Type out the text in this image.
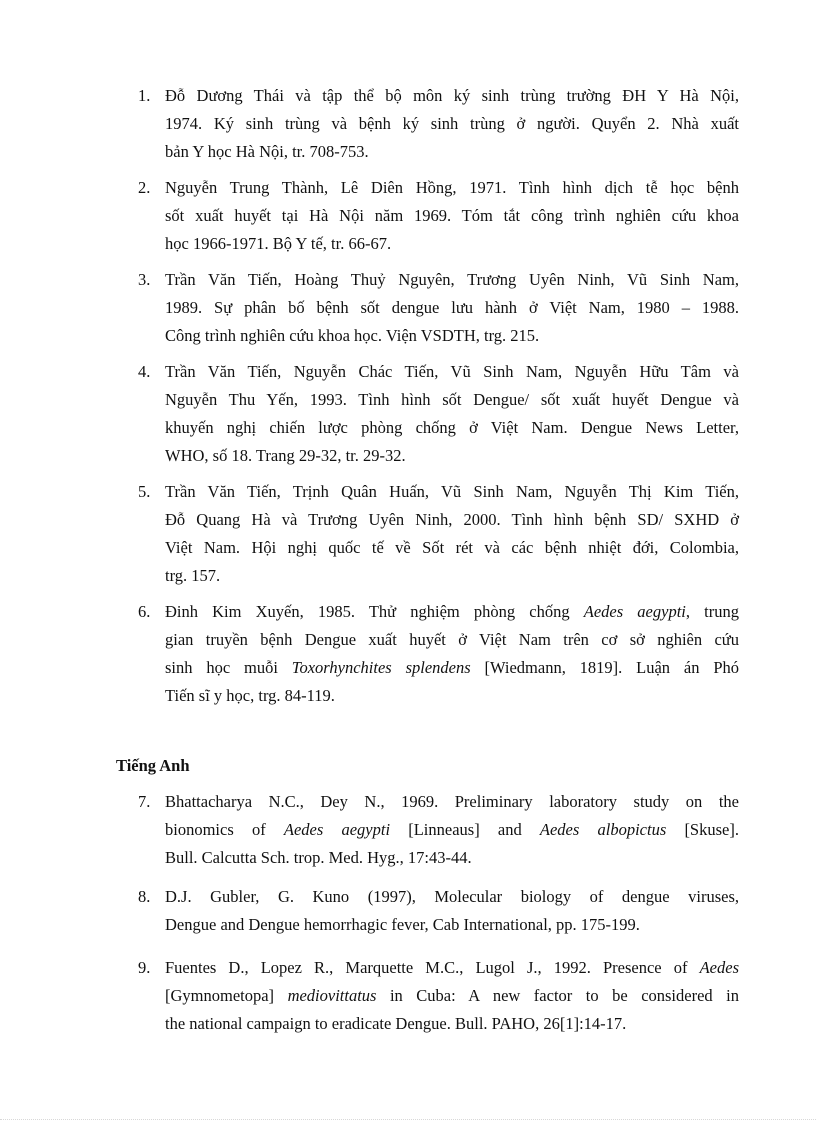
1. Đỗ Dương Thái và tập thể bộ môn ký sinh trùng trường ĐH Y Hà Nội,
1974. Ký sinh trùng và bệnh ký sinh trùng ở người. Quyển 2. Nhà xuất
bản Y học Hà Nội, tr. 708-753.
2. Nguyễn Trung Thành, Lê Diên Hồng, 1971. Tình hình dịch tễ học bệnh
sốt xuất huyết tại Hà Nội năm 1969. Tóm tắt công trình nghiên cứu khoa
học 1966-1971. Bộ Y tế, tr. 66-67.
3. Trần Văn Tiến, Hoàng Thuỷ Nguyên, Trương Uyên Ninh, Vũ Sinh Nam,
1989. Sự phân bố bệnh sốt dengue lưu hành ở Việt Nam, 1980 – 1988.
Công trình nghiên cứu khoa học. Viện VSDTH, trg. 215.
4. Trần Văn Tiến, Nguyễn Chác Tiến, Vũ Sinh Nam, Nguyễn Hữu Tâm và
Nguyễn Thu Yến, 1993. Tình hình sốt Dengue/ sốt xuất huyết Dengue và
khuyến nghị chiến lược phòng chống ở Việt Nam. Dengue News Letter,
WHO, số 18. Trang 29-32, tr. 29-32.
5. Trần Văn Tiến, Trịnh Quân Huấn, Vũ Sinh Nam, Nguyễn Thị Kim Tiến,
Đỗ Quang Hà và Trương Uyên Ninh, 2000. Tình hình bệnh SD/ SXHD ở
Việt Nam. Hội nghị quốc tế về Sốt rét và các bệnh nhiệt đới, Colombia,
trg. 157.
6. Đinh Kim Xuyến, 1985. Thử nghiệm phòng chống Aedes aegypti, trung
gian truyền bệnh Dengue xuất huyết ở Việt Nam trên cơ sở nghiên cứu
sinh học muỗi Toxorhynchites splendens [Wiedmann, 1819]. Luận án Phó
Tiến sĩ y học, trg. 84-119.
Tiếng Anh
7. Bhattacharya N.C., Dey N., 1969. Preliminary laboratory study on the
bionomics of Aedes aegypti [Linneaus] and Aedes albopictus [Skuse].
Bull. Calcutta Sch. trop. Med. Hyg., 17:43-44.
8. D.J. Gubler, G. Kuno (1997), Molecular biology of dengue viruses,
Dengue and Dengue hemorrhagic fever, Cab International, pp. 175-199.
9. Fuentes D., Lopez R., Marquette M.C., Lugol J., 1992. Presence of Aedes
[Gymnometopa] mediovittatus in Cuba: A new factor to be considered in
the national campaign to eradicate Dengue. Bull. PAHO, 26[1]:14-17.
